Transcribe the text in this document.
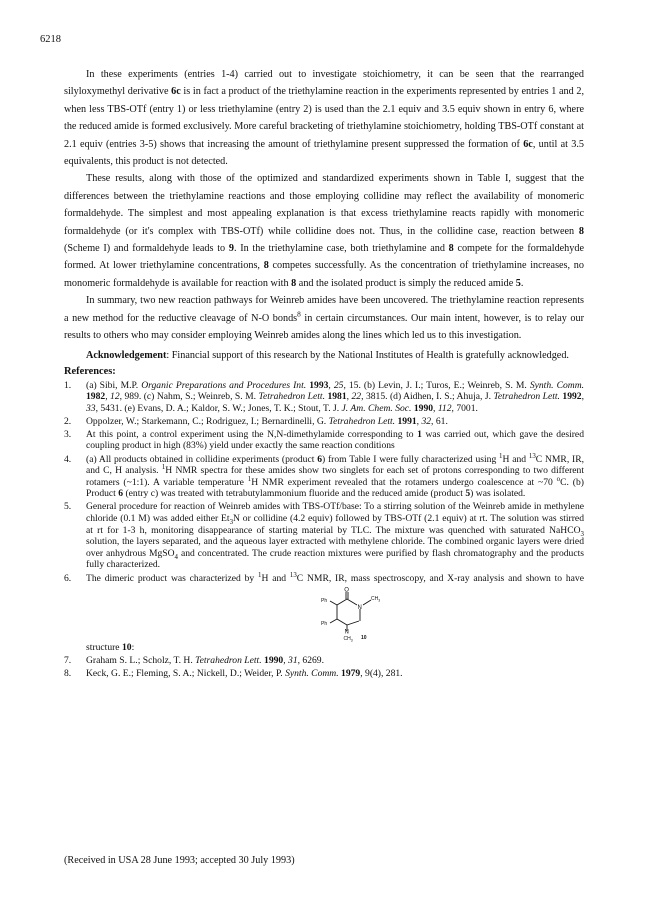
6218

In these experiments (entries 1-4) carried out to investigate stoichiometry, it can be seen that the rearranged silyloxymethyl derivative 6c is in fact a product of the triethylamine reaction in the experiments represented by entries 1 and 2, when less TBS-OTf (entry 1) or less triethylamine (entry 2) is used than the 2.1 equiv and 3.5 equiv shown in entry 6, where the reduced amide is formed exclusively. More careful bracketing of triethylamine stoichiometry, holding TBS-OTf constant at 2.1 equiv (entries 3-5) shows that increasing the amount of triethylamine present suppressed the formation of 6c, until at 3.5 equivalents, this product is not detected.

These results, along with those of the optimized and standardized experiments shown in Table I, suggest that the differences between the triethylamine reactions and those employing collidine may reflect the availability of monomeric formaldehyde. The simplest and most appealing explanation is that excess triethylamine reacts rapidly with monomeric formaldehyde (or it's complex with TBS-OTf) while collidine does not. Thus, in the collidine case, reaction between 8 (Scheme I) and formaldehyde leads to 9. In the triethylamine case, both triethylamine and 8 compete for the formaldehyde formed. At lower triethylamine concentrations, 8 competes successfully. As the concentration of triethylamine increases, no monomeric formaldehyde is available for reaction with 8 and the isolated product is simply the reduced amide 5.

In summary, two new reaction pathways for Weinreb amides have been uncovered. The triethylamine reaction represents a new method for the reductive cleavage of N-O bonds$^8$ in certain circumstances. Our main intent, however, is to relay our results to others who may consider employing Weinreb amides along the lines which led us to this investigation.

Acknowledgement: Financial support of this research by the National Institutes of Health is gratefully acknowledged.

References:
1. (a) Sibi, M.P. Organic Preparations and Procedures Int. 1993, 25, 15. (b) Levin, J. I.; Turos, E.; Weinreb, S. M. Synth. Comm. 1982, 12, 989. (c) Nahm, S.; Weinreb, S. M. Tetrahedron Lett. 1981, 22, 3815. (d) Aidhen, I. S.; Ahuja, J. Tetrahedron Lett. 1992, 33, 5431. (e) Evans, D. A.; Kaldor, S. W.; Jones, T. K.; Stout, T. J. J. Am. Chem. Soc. 1990, 112, 7001.
2. Oppolzer, W.; Starkemann, C.; Rodriguez, I.; Bernardinelli, G. Tetrahedron Lett. 1991, 32, 61.
3. At this point, a control experiment using the N,N-dimethylamide corresponding to 1 was carried out, which gave the desired coupling product in high (83%) yield under exactly the same reaction conditions
4. (a) All products obtained in collidine experiments (product 6) from Table I were fully characterized using $^1$H and $^{13}$C NMR, IR, and C, H analysis. $^1$H NMR spectra for these amides show two singlets for each set of protons corresponding to two different rotamers (~1:1). A variable temperature $^1$H NMR experiment revealed that the rotamers undergo coalescence at ~70 $^o$C. (b) Product 6 (entry c) was treated with tetrabutylammonium fluoride and the reduced amide (product 5) was isolated.
5. General procedure for reaction of Weinreb amides with TBS-OTf/base: To a stirring solution of the Weinreb amide in methylene chloride (0.1 M) was added either $Et_3N$ or collidine (4.2 equiv) followed by TBS-OTf (2.1 equiv) at rt. The solution was stirred at rt for 1-3 h, monitoring disappearance of starting material by TLC. The mixture was quenched with saturated NaHCO$_3$ solution, the layers separated, and the aqueous layer extracted with methylene chloride. The combined organic layers were dried over anhydrous MgSO$_4$ and concentrated. The crude reaction mixtures were purified by flash chromatography and the products fully characterized.
6. The dimeric product was characterized by $^1$H and $^{13}$C NMR, IR, mass spectroscopy, and X-ray analysis and shown to have structure 10:
O
N
N
$CH_3$
$CH_3$
Ph
Ph
10
7. Graham S. L.; Scholz, T. H. Tetrahedron Lett. 1990, 31, 6269.
8. Keck, G. E.; Fleming, S. A.; Nickell, D.; Weider, P. Synth. Comm. 1979, 9(4), 281.
(Received in USA 28 June 1993; accepted 30 July 1993)
